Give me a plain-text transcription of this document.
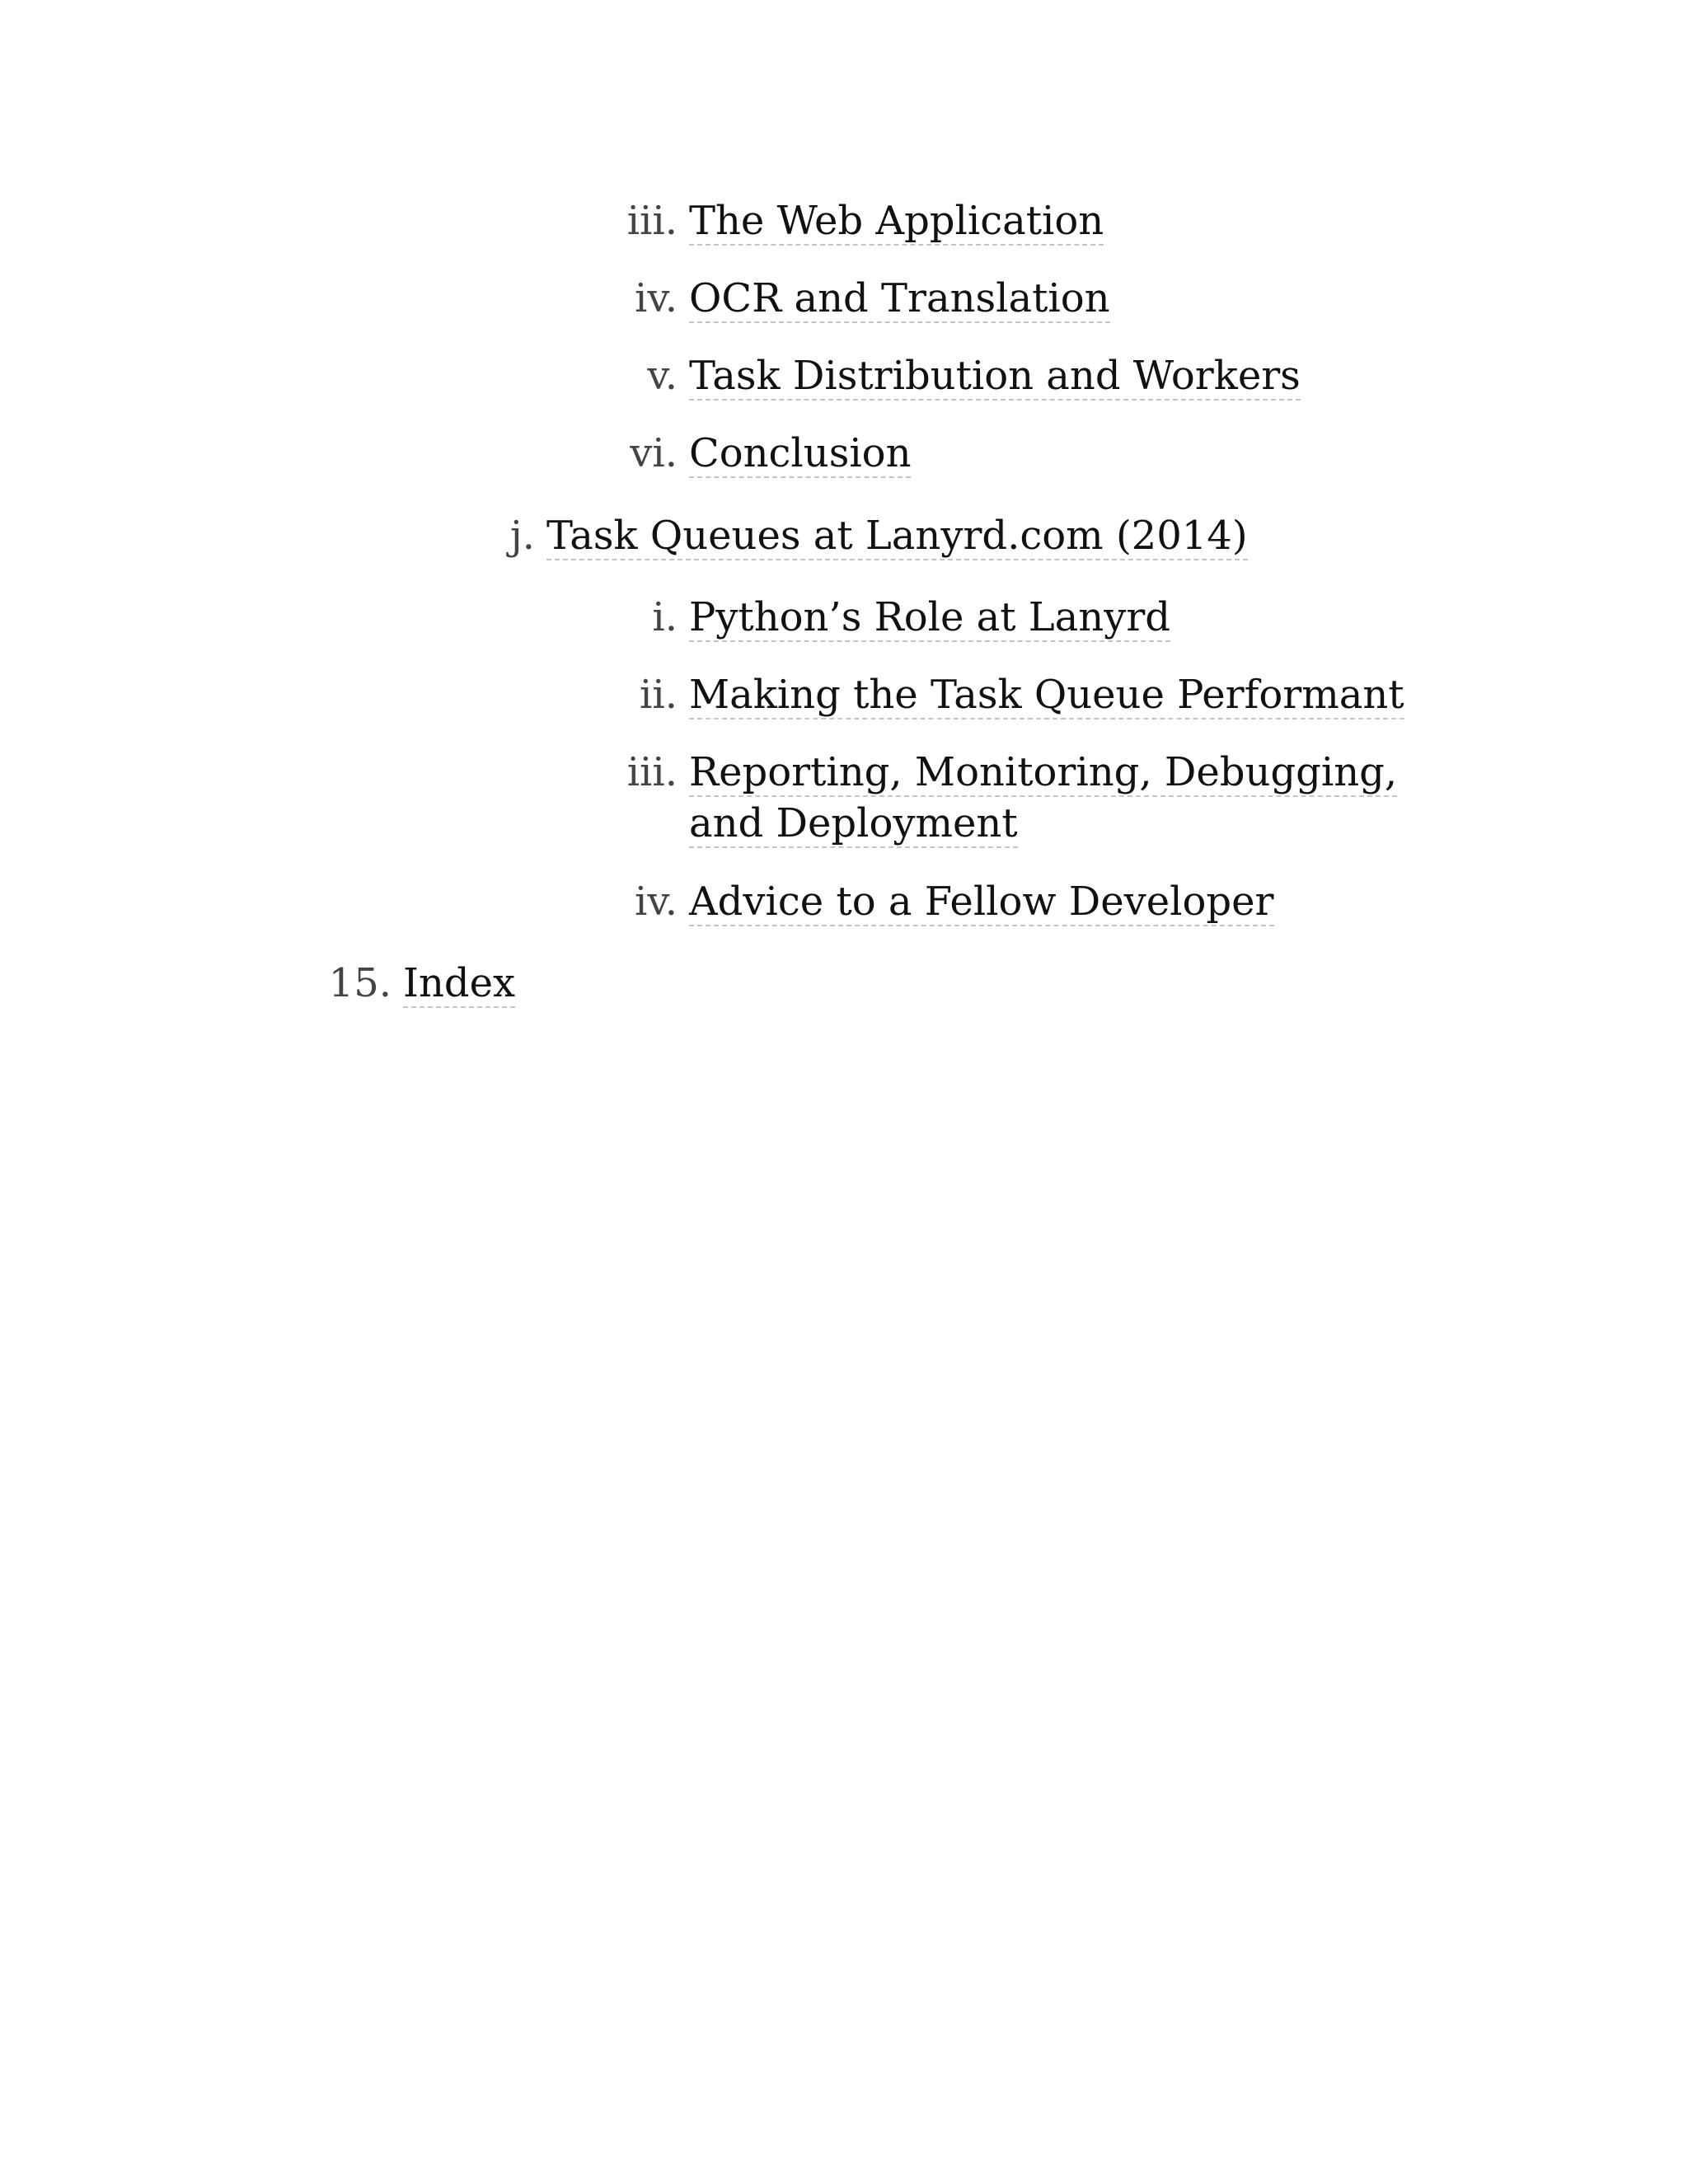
iii. The Web Application
iv. OCR and Translation
v. Task Distribution and Workers
vi. Conclusion
j. Task Queues at Lanyrd.com (2014)
i. Python’s Role at Lanyrd
ii. Making the Task Queue Performant
iii. Reporting, Monitoring, Debugging, and Deployment
iv. Advice to a Fellow Developer
15. Index
